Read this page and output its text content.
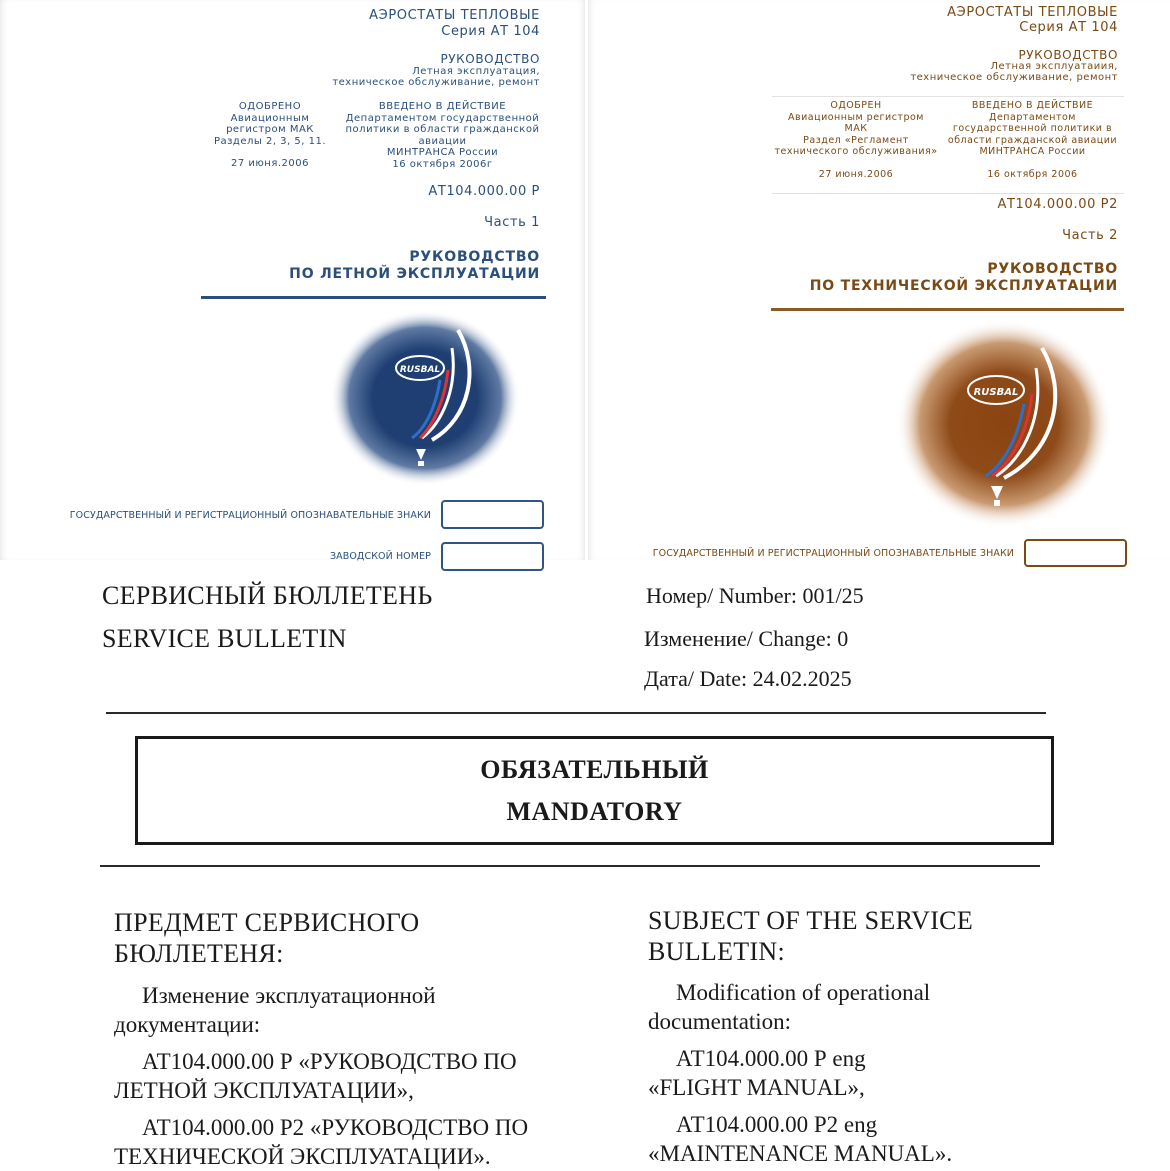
АЭРОСТАТЫ ТЕПЛОВЫЕ
Серия АТ 104
РУКОВОДСТВО
Летная эксплуатация,
техническое обслуживание, ремонт
ОДОБРЕНО
Авиационным
регистром МАК
Разделы 2, 3, 5, 11.
27 июня.2006
ВВЕДЕНО В ДЕЙСТВИЕ
Департаментом государственной
политики в области гражданской
авиации
МИНТРАНСА России
16 октября 2006г
АТ104.000.00 Р
Часть 1
РУКОВОДСТВО
ПО ЛЕТНОЙ ЭКСПЛУАТАЦИИ
RUSBAL
ГОСУДАРСТВЕННЫЙ И РЕГИСТРАЦИОННЫЙ ОПОЗНАВАТЕЛЬНЫЕ ЗНАКИ
ЗАВОДСКОЙ НОМЕР
АЭРОСТАТЫ ТЕПЛОВЫЕ
Серия АТ 104
РУКОВОДСТВО
Летная эксплуатаиия,
техническое обслуживание, ремонт
ОДОБРЕН
Авиационным регистром
МАК
Раздел «Регламент
технического обслуживания»
27 июня.2006
ВВЕДЕНО В ДЕЙСТВИЕ
Департаментом
государственной политики в
области гражданской авиации
МИНТРАНСА России
16 октября 2006
АТ104.000.00 Р2
Часть 2
РУКОВОДСТВО
ПО ТЕХНИЧЕСКОЙ ЭКСПЛУАТАЦИИ
RUSBAL
ГОСУДАРСТВЕННЫЙ И РЕГИСТРАЦИОННЫЙ ОПОЗНАВАТЕЛЬНЫЕ ЗНАКИ
СЕРВИСНЫЙ БЮЛЛЕТЕНЬ
SERVICE BULLETIN
Номер/ Number: 001/25
Изменение/ Change: 0
Дата/ Date: 24.02.2025
ОБЯЗАТЕЛЬНЫЙ
MANDATORY
ПРЕДМЕТ СЕРВИСНОГО
БЮЛЛЕТЕНЯ:
Изменение эксплуатационной
документации:
АТ104.000.00 Р «РУКОВОДСТВО ПО
ЛЕТНОЙ ЭКСПЛУАТАЦИИ»,
АТ104.000.00 Р2 «РУКОВОДСТВО ПО
ТЕХНИЧЕСКОЙ ЭКСПЛУАТАЦИИ».
SUBJECT OF THE SERVICE
BULLETIN:
Modification of operational
documentation:
АТ104.000.00 Р eng
«FLIGHT MANUAL»,
АТ104.000.00 Р2 eng
«MAINTENANCE MANUAL».
